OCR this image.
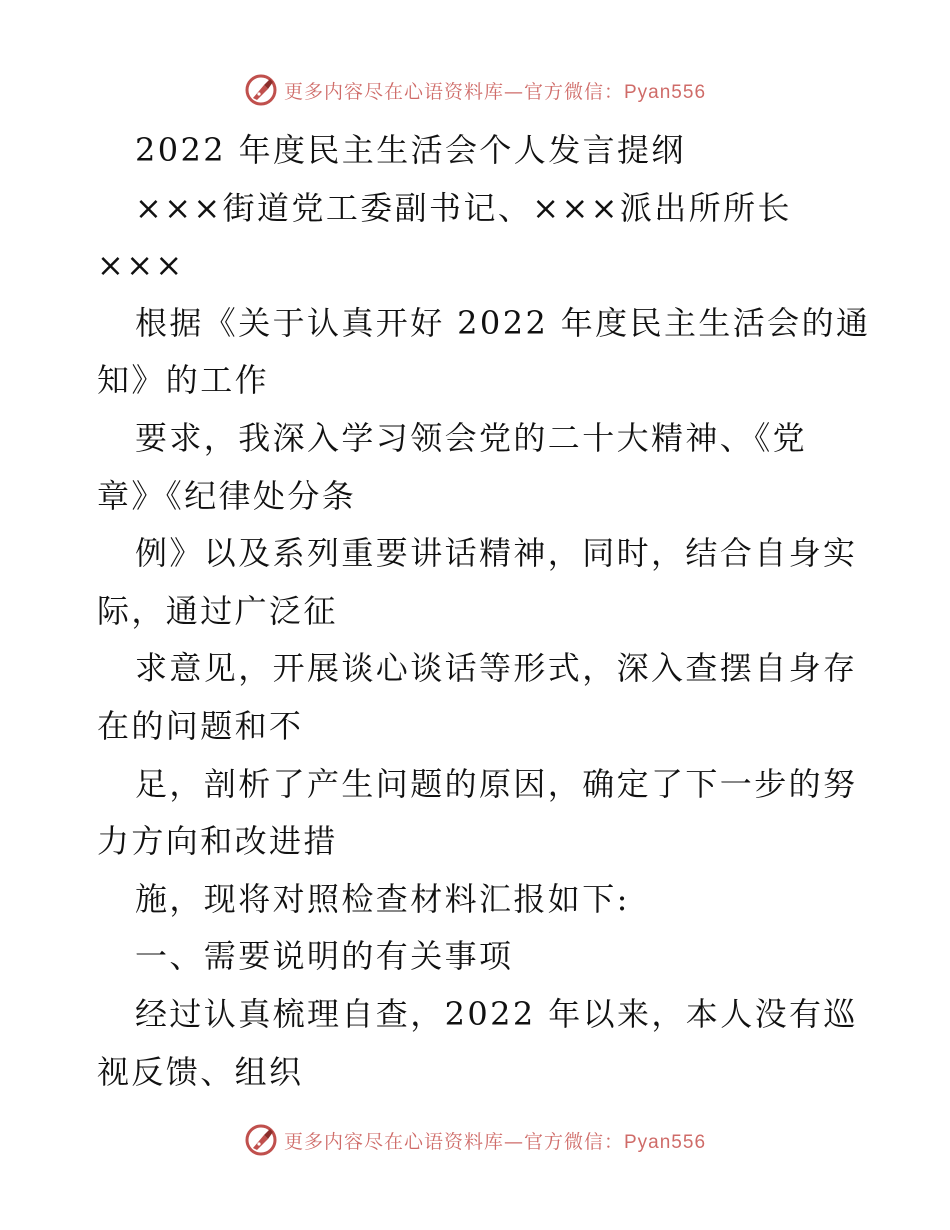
更多内容尽在心语资料库—官方微信：Pyan556
2022 年度民主生活会个人发言提纲
×××街道党工委副书记、×××派出所所长
×××
根据《关于认真开好 2022 年度民主生活会的通
知》的工作
要求，我深入学习领会党的二十大精神、《党
章》《纪律处分条
例》以及系列重要讲话精神，同时，结合自身实
际，通过广泛征
求意见，开展谈心谈话等形式，深入查摆自身存
在的问题和不
足，剖析了产生问题的原因，确定了下一步的努
力方向和改进措
施，现将对照检查材料汇报如下:
一、需要说明的有关事项
经过认真梳理自查，2022 年以来，本人没有巡
视反馈、组织
更多内容尽在心语资料库—官方微信：Pyan556
